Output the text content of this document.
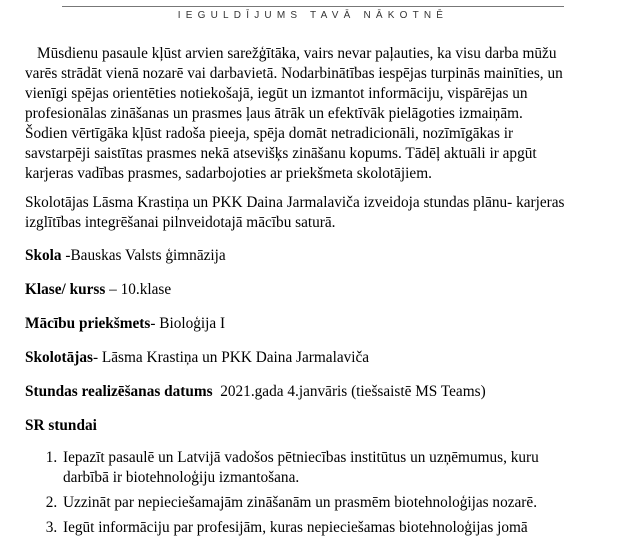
IEGULDĪJUMS TAVĀ NĀKOTNĒ

Mūsdienu pasaule kļūst arvien sarežģītāka, vairs nevar paļauties, ka visu darba mūžu
varēs strādāt vienā nozarē vai darbavietā. Nodarbinātības iespējas turpinās mainīties, un
vienīgi spējas orientēties notiekošajā, iegūt un izmantot informāciju, vispārējas un
profesionālas zināšanas un prasmes ļaus ātrāk un efektīvāk pielāgoties izmaiņām.
Šodien vērtīgāka kļūst radoša pieeja, spēja domāt netradicionāli, nozīmīgākas ir
savstarpēji saistītas prasmes nekā atsevišķs zināšanu kopums. Tādēļ aktuāli ir apgūt
karjeras vadības prasmes, sadarbojoties ar priekšmeta skolotājiem.

Skolotājas Lāsma Krastiņa un PKK Daina Jarmalaviča izveidoja stundas plānu- karjeras
izglītības integrēšanai pilnveidotajā mācību saturā.

Skola -Bauskas Valsts ģimnāzija

Klase/ kurss – 10.klase

Mācību priekšmets- Bioloģija I

Skolotājas- Lāsma Krastiņa un PKK Daina Jarmalaviča

Stundas realizēšanas datums  2021.gada 4.janvāris (tiešsaistē MS Teams)

SR stundai

1. Iepazīt pasaulē un Latvijā vadošos pētniecības institūtus un uzņēmumus, kuru
darbībā ir biotehnoloģiju izmantošana.
2. Uzzināt par nepieciešamajām zināšanām un prasmēm biotehnoloģijas nozarē.
3. Iegūt informāciju par profesijām, kuras nepieciešamas biotehnoloģijas jomā
